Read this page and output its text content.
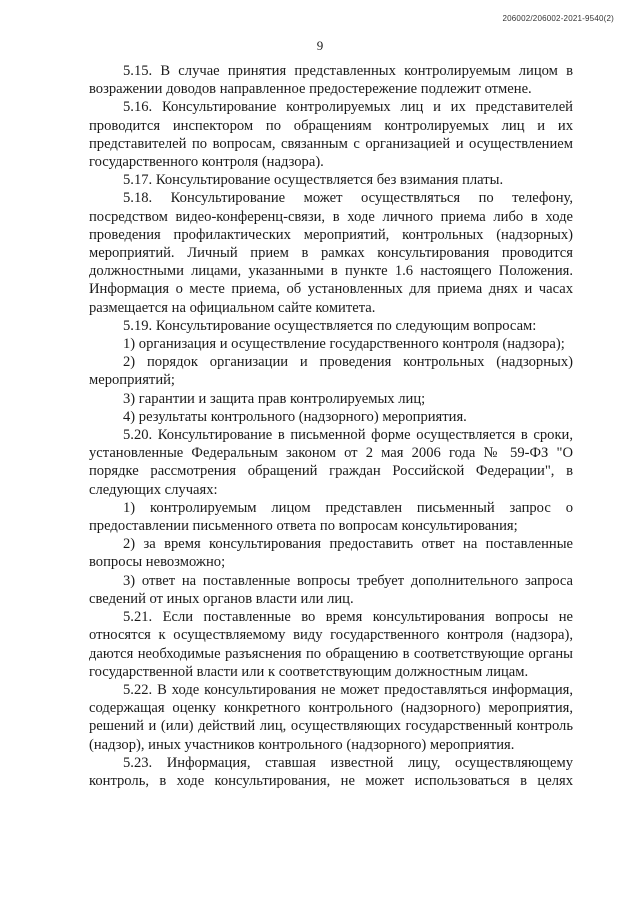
206002/206002-2021-9540(2)
9

5.15. В случае принятия представленных контролируемым лицом в возражении доводов направленное предостережение подлежит отмене.

5.16. Консультирование контролируемых лиц и их представителей проводится инспектором по обращениям контролируемых лиц и их представителей по вопросам, связанным с организацией и осуществлением государственного контроля (надзора).

5.17. Консультирование осуществляется без взимания платы.

5.18. Консультирование может осуществляться по телефону, посредством видео-конференц-связи, в ходе личного приема либо в ходе проведения профилактических мероприятий, контрольных (надзорных) мероприятий. Личный прием в рамках консультирования проводится должностными лицами, указанными в пункте 1.6 настоящего Положения. Информация о месте приема, об установленных для приема днях и часах размещается на официальном сайте комитета.

5.19. Консультирование осуществляется по следующим вопросам:

1) организация и осуществление государственного контроля (надзора);

2) порядок организации и проведения контрольных (надзорных) мероприятий;

3) гарантии и защита прав контролируемых лиц;

4) результаты контрольного (надзорного) мероприятия.

5.20. Консультирование в письменной форме осуществляется в сроки, установленные Федеральным законом от 2 мая 2006 года № 59-ФЗ "О порядке рассмотрения обращений граждан Российской Федерации", в следующих случаях:

1) контролируемым лицом представлен письменный запрос о предоставлении письменного ответа по вопросам консультирования;

2) за время консультирования предоставить ответ на поставленные вопросы невозможно;

3) ответ на поставленные вопросы требует дополнительного запроса сведений от иных органов власти или лиц.

5.21. Если поставленные во время консультирования вопросы не относятся к осуществляемому виду государственного контроля (надзора), даются необходимые разъяснения по обращению в соответствующие органы государственной власти или к соответствующим должностным лицам.

5.22. В ходе консультирования не может предоставляться информация, содержащая оценку конкретного контрольного (надзорного) мероприятия, решений и (или) действий лиц, осуществляющих государственный контроль (надзор), иных участников контрольного (надзорного) мероприятия.

5.23. Информация, ставшая известной лицу, осуществляющему контроль, в ходе консультирования, не может использоваться в целях
